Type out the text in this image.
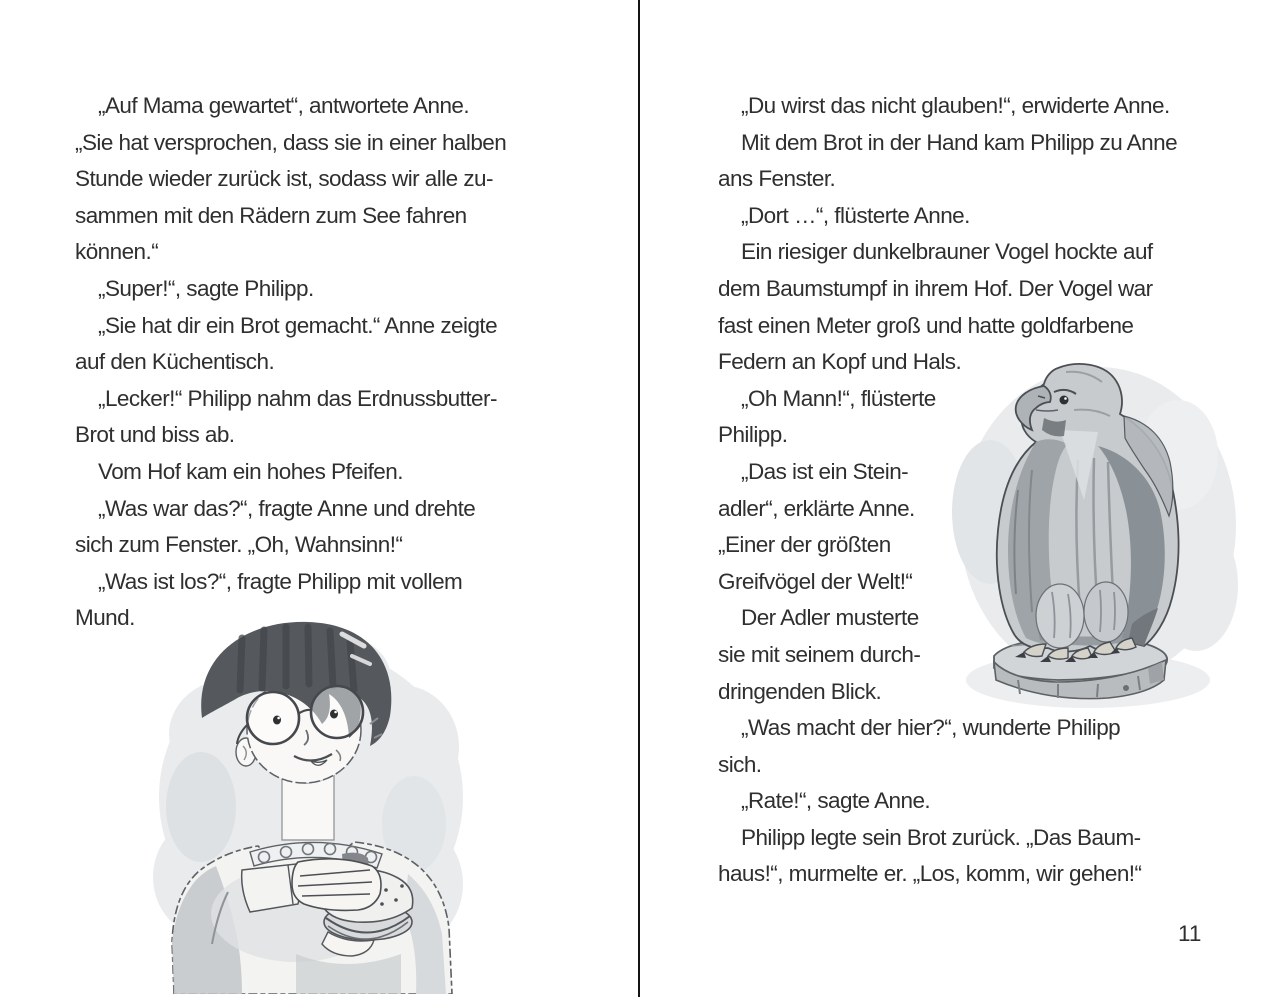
„Auf Mama gewartet“, antwortete Anne.
„Sie hat versprochen, dass sie in einer halben
Stunde wieder zurück ist, sodass wir alle zu-
sammen mit den Rädern zum See fahren
können.“
„Super!“, sagte Philipp.
„Sie hat dir ein Brot gemacht.“ Anne zeigte
auf den Küchentisch.
„Lecker!“ Philipp nahm das Erdnussbutter-
Brot und biss ab.
Vom Hof kam ein hohes Pfeifen.
„Was war das?“, fragte Anne und drehte
sich zum Fenster. „Oh, Wahnsinn!“
„Was ist los?“, fragte Philipp mit vollem
Mund.
„Du wirst das nicht glauben!“, erwiderte Anne.
Mit dem Brot in der Hand kam Philipp zu Anne
ans Fenster.
„Dort …“, flüsterte Anne.
Ein riesiger dunkelbrauner Vogel hockte auf
dem Baumstumpf in ihrem Hof. Der Vogel war
fast einen Meter groß und hatte goldfarbene
Federn an Kopf und Hals.
„Oh Mann!“, flüsterte
Philipp.
„Das ist ein Stein-
adler“, erklärte Anne.
„Einer der größten
Greifvögel der Welt!“
Der Adler musterte
sie mit seinem durch-
dringenden Blick.
„Was macht der hier?“, wunderte Philipp
sich.
„Rate!“, sagte Anne.
Philipp legte sein Brot zurück. „Das Baum-
haus!“, murmelte er. „Los, komm, wir gehen!“
11
